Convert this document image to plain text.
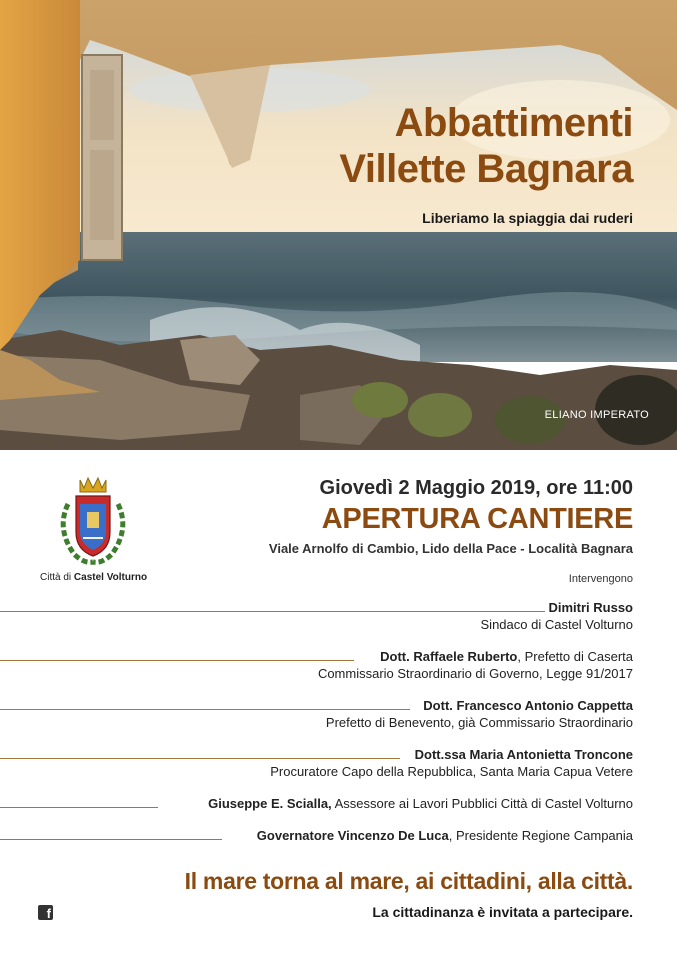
Abbattimenti
Villette Bagnara
Liberiamo la spiaggia dai ruderi
ELIANO IMPERATO
Città di Castel Volturno
Giovedì 2 Maggio 2019, ore 11:00
APERTURA CANTIERE
Viale Arnolfo di Cambio, Lido della Pace - Località Bagnara
Intervengono
Dimitri Russo
Sindaco di Castel Volturno
Dott. Raffaele Ruberto, Prefetto di Caserta
Commissario Straordinario di Governo, Legge 91/2017
Dott. Francesco Antonio Cappetta
Prefetto di Benevento, già Commissario Straordinario
Dott.ssa Maria Antonietta Troncone
Procuratore Capo della Repubblica, Santa Maria Capua Vetere
Giuseppe E. Scialla, Assessore ai Lavori Pubblici Città di Castel Volturno
Governatore Vincenzo De Luca, Presidente Regione Campania
Il mare torna al mare, ai cittadini, alla città.
f	La cittadinanza è invitata a partecipare.
